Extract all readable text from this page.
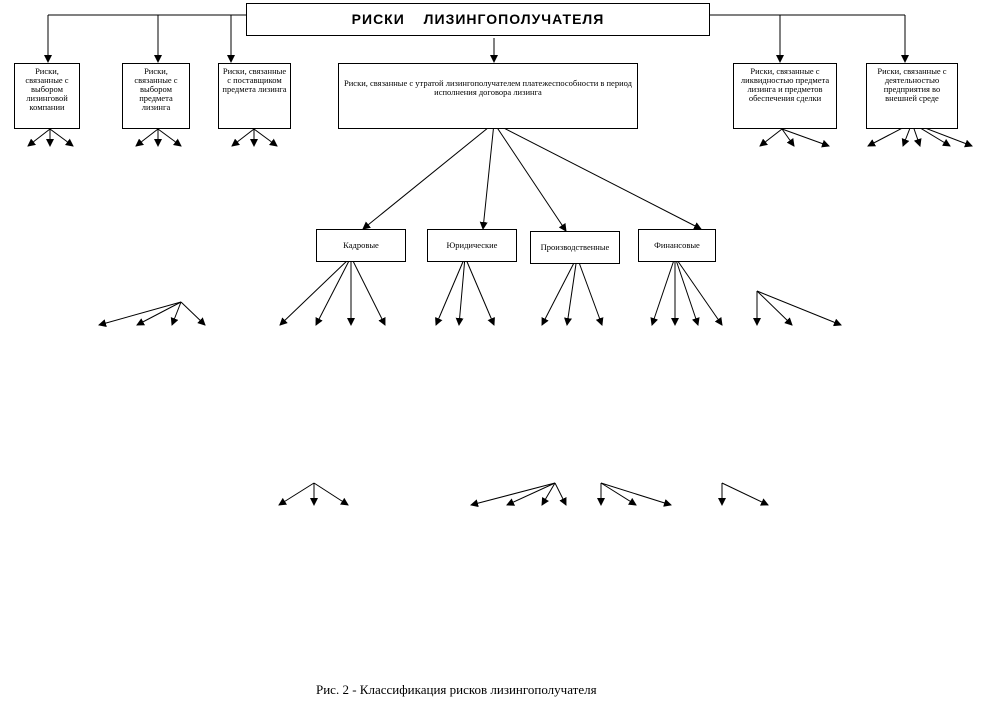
РИСКИ ЛИЗИНГОПОЛУЧАТЕЛЯ
Риски, связанные с выбором лизинговой компании
Риски, связанные с выбором предмета лизинга
Риски, связанные с поставщиком предмета лизинга
Риски, связанные с утратой лизингополучателем платежеспособности в период исполнения договора лизинга
Риски, связанные с ликвидностью предмета лизинга и предметов обеспечения сделки
Риски, связанные с деятельностью предприятия во внешней среде
Кадровые	Юридические	Производственные	Финансовые
Рис. 2 - Классификация рисков лизингополучателя
